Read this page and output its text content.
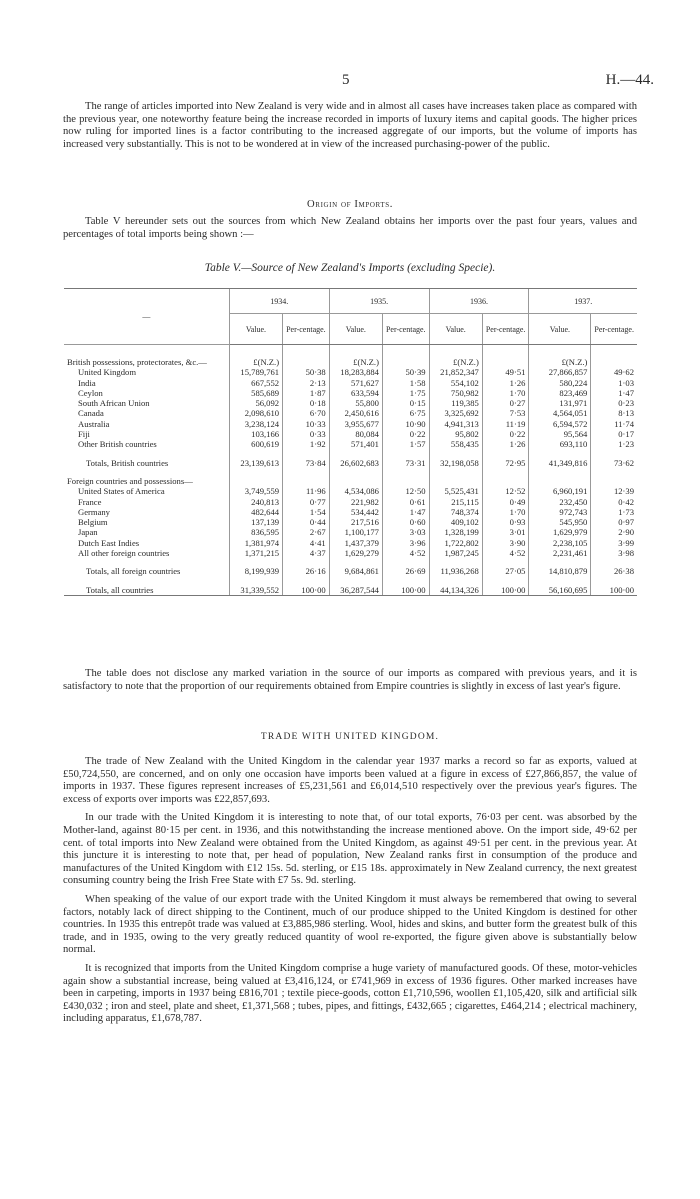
5	H.—44.

The range of articles imported into New Zealand is very wide and in almost all cases have increases taken place as compared with the previous year, one noteworthy feature being the increase recorded in imports of luxury items and capital goods. The higher prices now ruling for imported lines is a factor contributing to the increased aggregate of our imports, but the volume of imports has increased very substantially. This is not to be wondered at in view of the increased purchasing-power of the public.

Origin of Imports.

Table V hereunder sets out the sources from which New Zealand obtains her imports over the past four years, values and percentages of total imports being shown :—

Table V.—Source of New Zealand's Imports (excluding Specie).
—	1934.		1935.		1936.		1937.	
	Value.	Per-centage.	Value.	Per-centage.	Value.	Per-centage.	Value.	Per-centage.

British possessions, protectorates, &c.—	£(N.Z.)		£(N.Z.)		£(N.Z.)		£(N.Z.)	
United Kingdom	15,789,761	50·38	18,283,884	50·39	21,852,347	49·51	27,866,857	49·62
India	667,552	2·13	571,627	1·58	554,102	1·26	580,224	1·03
Ceylon	585,689	1·87	633,594	1·75	750,982	1·70	823,469	1·47
South African Union	56,092	0·18	55,800	0·15	119,385	0·27	131,971	0·23
Canada	2,098,610	6·70	2,450,616	6·75	3,325,692	7·53	4,564,051	8·13
Australia	3,238,124	10·33	3,955,677	10·90	4,941,313	11·19	6,594,572	11·74
Fiji	103,166	0·33	80,084	0·22	95,802	0·22	95,564	0·17
Other British countries	600,619	1·92	571,401	1·57	558,435	1·26	693,110	1·23

Totals, British countries	23,139,613	73·84	26,602,683	73·31	32,198,058	72·95	41,349,816	73·62

Foreign countries and possessions—								
United States of America	3,749,559	11·96	4,534,086	12·50	5,525,431	12·52	6,960,191	12·39
France	240,813	0·77	221,982	0·61	215,115	0·49	232,450	0·42
Germany	482,644	1·54	534,442	1·47	748,374	1·70	972,743	1·73
Belgium	137,139	0·44	217,516	0·60	409,102	0·93	545,950	0·97
Japan	836,595	2·67	1,100,177	3·03	1,328,199	3·01	1,629,979	2·90
Dutch East Indies	1,381,974	4·41	1,437,379	3·96	1,722,802	3·90	2,238,105	3·99
All other foreign countries	1,371,215	4·37	1,629,279	4·52	1,987,245	4·52	2,231,461	3·98

Totals, all foreign countries	8,199,939	26·16	9,684,861	26·69	11,936,268	27·05	14,810,879	26·38

Totals, all countries	31,339,552	100·00	36,287,544	100·00	44,134,326	100·00	56,160,695	100·00

The table does not disclose any marked variation in the source of our imports as compared with previous years, and it is satisfactory to note that the proportion of our requirements obtained from Empire countries is slightly in excess of last year's figure.

TRADE WITH UNITED KINGDOM.

The trade of New Zealand with the United Kingdom in the calendar year 1937 marks a record so far as exports, valued at £50,724,550, are concerned, and on only one occasion have imports been valued at a figure in excess of £27,866,857, the value of imports in 1937. These figures represent increases of £5,231,561 and £6,014,510 respectively over the previous year's figures. The excess of exports over imports was £22,857,693.

In our trade with the United Kingdom it is interesting to note that, of our total exports, 76·03 per cent. was absorbed by the Mother-land, against 80·15 per cent. in 1936, and this notwithstanding the increase mentioned above. On the import side, 49·62 per cent. of total imports into New Zealand were obtained from the United Kingdom, as against 49·51 per cent. in the previous year. At this juncture it is interesting to note that, per head of population, New Zealand ranks first in consumption of the produce and manufactures of the United Kingdom with £12 15s. 5d. sterling, or £15 18s. approximately in New Zealand currency, the next greatest consuming country being the Irish Free State with £7 5s. 9d. sterling.

When speaking of the value of our export trade with the United Kingdom it must always be remembered that owing to several factors, notably lack of direct shipping to the Continent, much of our produce shipped to the United Kingdom is destined for other countries. In 1935 this entrepôt trade was valued at £3,885,986 sterling. Wool, hides and skins, and butter form the greatest bulk of this trade, and in 1935, owing to the very greatly reduced quantity of wool re-exported, the figure given above is substantially below normal.

It is recognized that imports from the United Kingdom comprise a huge variety of manufactured goods. Of these, motor-vehicles again show a substantial increase, being valued at £3,416,124, or £741,969 in excess of 1936 figures. Other marked increases have been in carpeting, imports in 1937 being £816,701 ; textile piece-goods, cotton £1,710,596, woollen £1,105,420, silk and artificial silk £430,032 ; iron and steel, plate and sheet, £1,371,568 ; tubes, pipes, and fittings, £432,665 ; cigarettes, £464,214 ; electrical machinery, including apparatus, £1,678,787.
